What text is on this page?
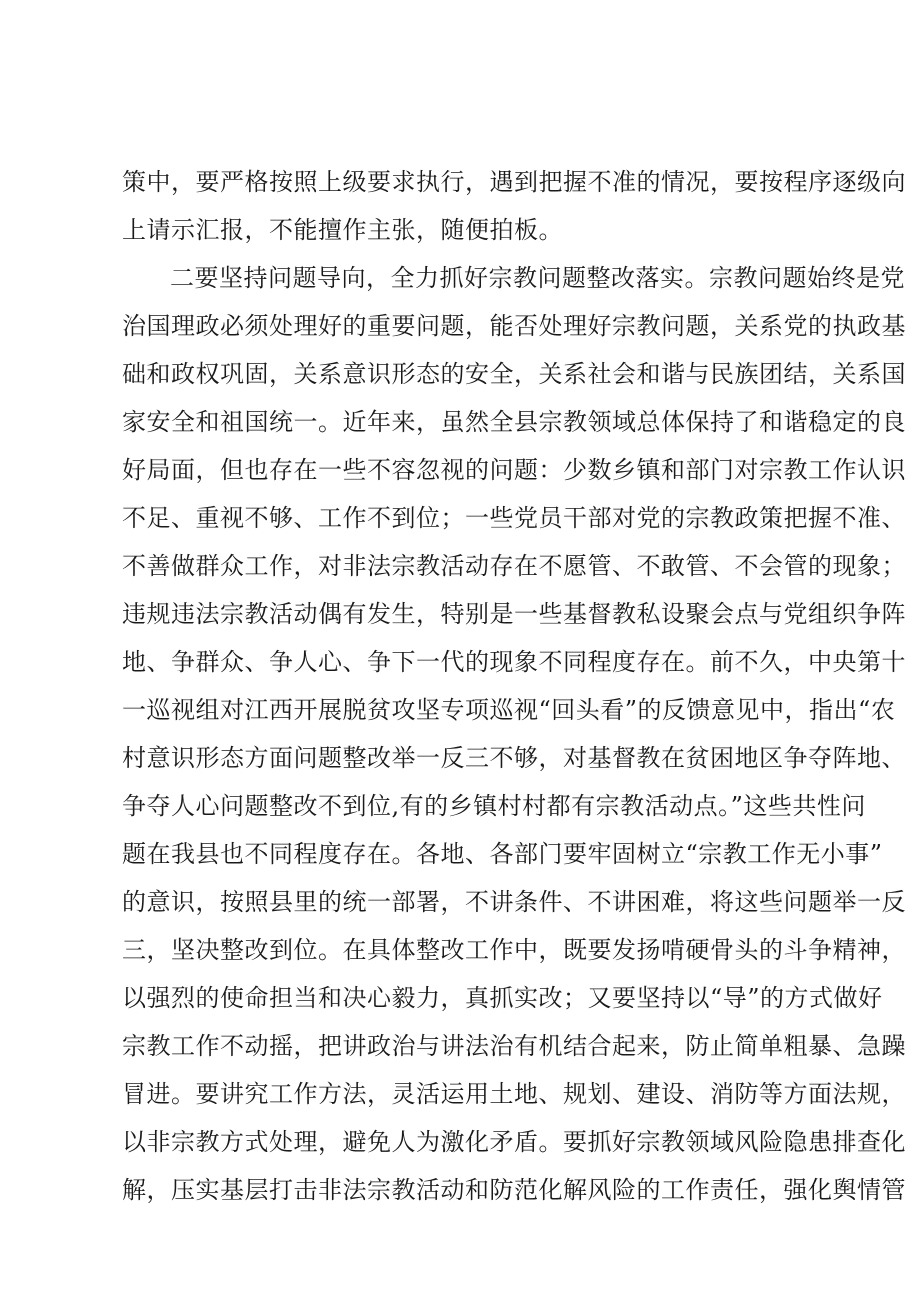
策中，要严格按照上级要求执行，遇到把握不准的情况，要按程序逐级向
上请示汇报，不能擅作主张，随便拍板。
二要坚持问题导向，全力抓好宗教问题整改落实。宗教问题始终是党
治国理政必须处理好的重要问题，能否处理好宗教问题，关系党的执政基
础和政权巩固，关系意识形态的安全，关系社会和谐与民族团结，关系国
家安全和祖国统一。近年来，虽然全县宗教领域总体保持了和谐稳定的良
好局面，但也存在一些不容忽视的问题：少数乡镇和部门对宗教工作认识
不足、重视不够、工作不到位；一些党员干部对党的宗教政策把握不准、
不善做群众工作，对非法宗教活动存在不愿管、不敢管、不会管的现象；
违规违法宗教活动偶有发生，特别是一些基督教私设聚会点与党组织争阵
地、争群众、争人心、争下一代的现象不同程度存在。前不久，中央第十
一巡视组对江西开展脱贫攻坚专项巡视“回头看”的反馈意见中，指出“农
村意识形态方面问题整改举一反三不够，对基督教在贫困地区争夺阵地、
争夺人心问题整改不到位,有的乡镇村村都有宗教活动点。”这些共性问
题在我县也不同程度存在。各地、各部门要牢固树立“宗教工作无小事”
的意识，按照县里的统一部署，不讲条件、不讲困难，将这些问题举一反
三，坚决整改到位。在具体整改工作中，既要发扬啃硬骨头的斗争精神，
以强烈的使命担当和决心毅力，真抓实改；又要坚持以“导”的方式做好
宗教工作不动摇，把讲政治与讲法治有机结合起来，防止简单粗暴、急躁
冒进。要讲究工作方法，灵活运用土地、规划、建设、消防等方面法规，
以非宗教方式处理，避免人为激化矛盾。要抓好宗教领域风险隐患排查化
解，压实基层打击非法宗教活动和防范化解风险的工作责任，强化舆情管
